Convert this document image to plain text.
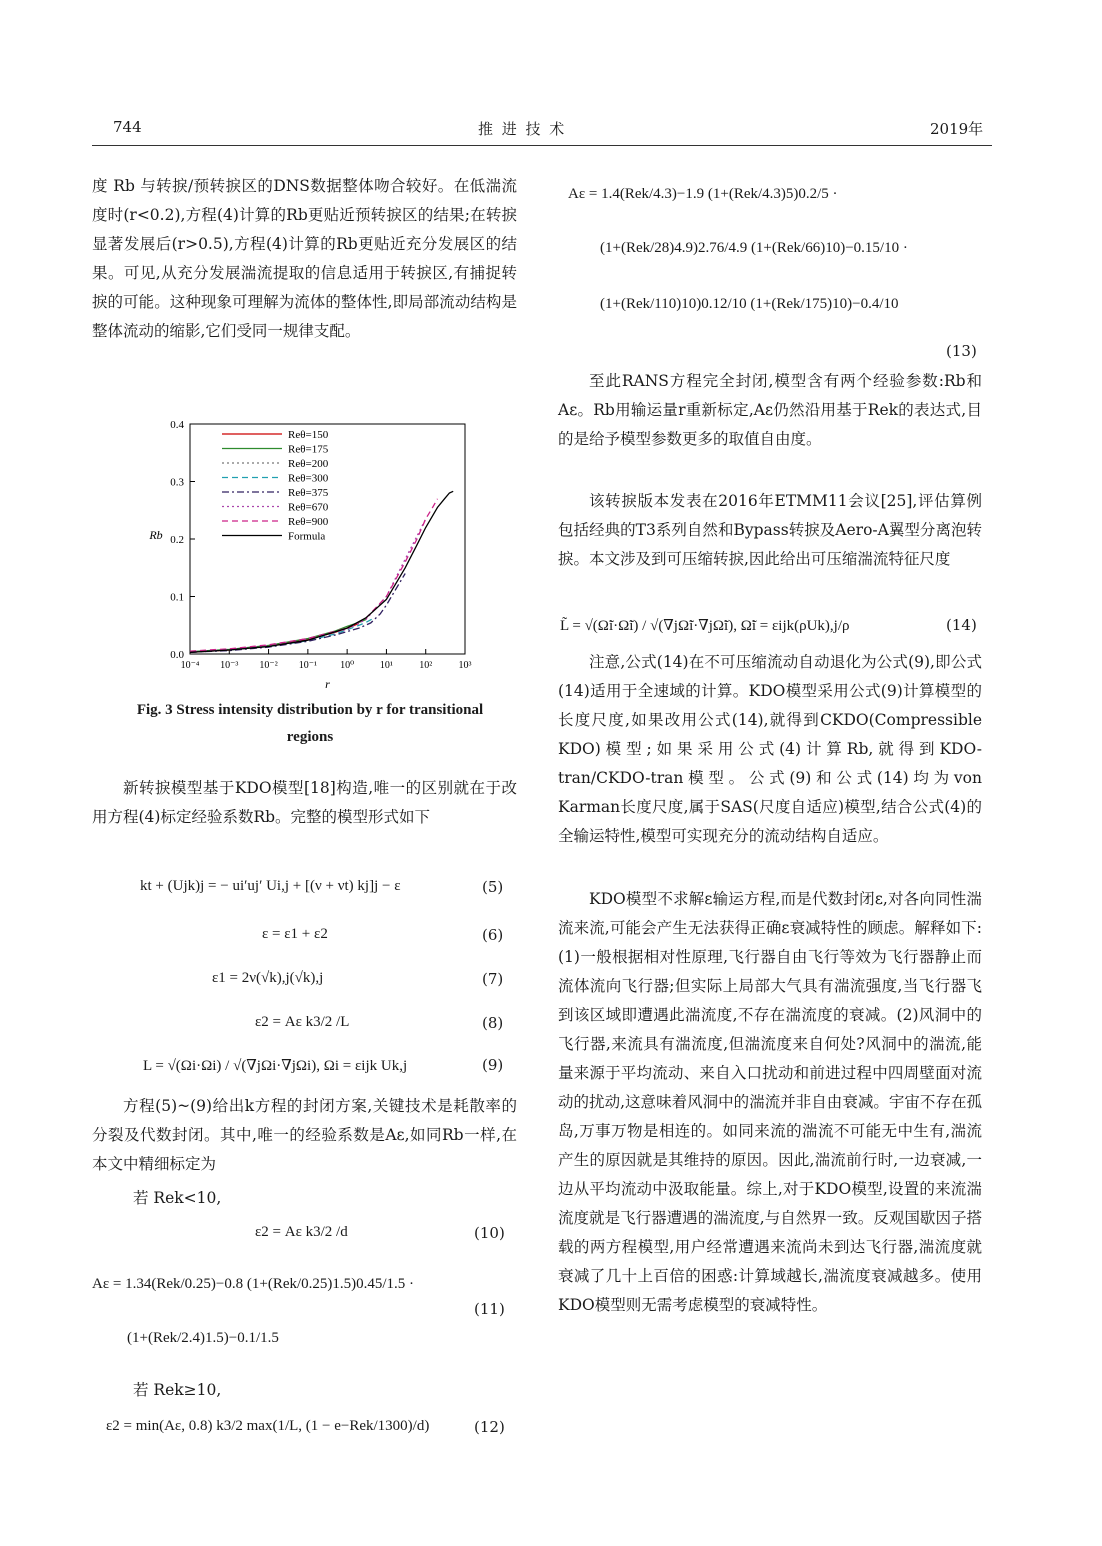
744	推 进 技 术	2019年

度 Rb 与转捩/预转捩区的DNS数据整体吻合较好。在低湍流度时(r<0.2),方程(4)计算的Rb更贴近预转捩区的结果;在转捩显著发展后(r>0.5),方程(4)计算的Rb更贴近充分发展区的结果。可见,从充分发展湍流提取的信息适用于转捩区,有捕捉转捩的可能。这种现象可理解为流体的整体性,即局部流动结构是整体流动的缩影,它们受同一规律支配。

0.0
0.1
0.2
0.3
0.4
10⁻⁴ 10⁻³ 10⁻² 10⁻¹ 10⁰	10¹	10²	10³
r
Rb
Reθ=150
Reθ=175
Reθ=200
Reθ=300
Reθ=375
Reθ=670
Reθ=900
Formula
Fig. 3 Stress intensity distribution by r for transitional
regions

新转捩模型基于KDO模型[18]构造,唯一的区别就在于改用方程(4)标定经验系数Rb。完整的模型形式如下

kt + (Ujk)j = − ui′uj′ Ui,j + [(ν + νt) kj]j − ε	(5)
ε = ε1 + ε2	(6)
ε1 = 2ν(√k),j(√k),j	(7)
ε2 = Aε k3/2 /L	(8)
L = √(Ωi·Ωi) / √(∇jΩi·∇jΩi), Ωi = εijk Uk,j	(9)

方程(5)~(9)给出k方程的封闭方案,关键技术是耗散率的分裂及代数封闭。其中,唯一的经验系数是Aε,如同Rb一样,在本文中精细标定为

若 Rek<10,
ε2 = Aε k3/2 /d	(10)
Aε = 1.34(Rek/0.25)−0.8 (1+(Rek/0.25)1.5)0.45/1.5 ·
(11)
(1+(Rek/2.4)1.5)−0.1/1.5
若 Rek≥10,
ε2 = min(Aε, 0.8) k3/2 max(1/L, (1 − e−Rek/1300)/d)	(12)
Aε = 1.4(Rek/4.3)−1.9 (1+(Rek/4.3)5)0.2/5 ·
(1+(Rek/28)4.9)2.76/4.9 (1+(Rek/66)10)−0.15/10 ·
(1+(Rek/110)10)0.12/10 (1+(Rek/175)10)−0.4/10
(13)

至此RANS方程完全封闭,模型含有两个经验参数:Rb和Aε。Rb用输运量r重新标定,Aε仍然沿用基于Rek的表达式,目的是给予模型参数更多的取值自由度。

该转捩版本发表在2016年ETMM11会议[25],评估算例包括经典的T3系列自然和Bypass转捩及Aero-A翼型分离泡转捩。本文涉及到可压缩转捩,因此给出可压缩湍流特征尺度

L̃ = √(Ω̃i·Ω̃i) / √(∇jΩ̃i·∇jΩ̃i), Ω̃i = εijk(ρUk),j/ρ	(14)

注意,公式(14)在不可压缩流动自动退化为公式(9),即公式(14)适用于全速域的计算。KDO模型采用公式(9)计算模型的长度尺度,如果改用公式(14),就得到CKDO(Compressible KDO)模型;如果采用公式(4)计算Rb,就得到KDO-tran/CKDO-tran模型。公式(9)和公式(14)均为von Karman长度尺度,属于SAS(尺度自适应)模型,结合公式(4)的全输运特性,模型可实现充分的流动结构自适应。

KDO模型不求解ε输运方程,而是代数封闭ε,对各向同性湍流来流,可能会产生无法获得正确ε衰减特性的顾虑。解释如下:(1)一般根据相对性原理,飞行器自由飞行等效为飞行器静止而流体流向飞行器;但实际上局部大气具有湍流强度,当飞行器飞到该区域即遭遇此湍流度,不存在湍流度的衰减。(2)风洞中的飞行器,来流具有湍流度,但湍流度来自何处?风洞中的湍流,能量来源于平均流动、来自入口扰动和前进过程中四周壁面对流动的扰动,这意味着风洞中的湍流并非自由衰减。宇宙不存在孤岛,万事万物是相连的。如同来流的湍流不可能无中生有,湍流产生的原因就是其维持的原因。因此,湍流前行时,一边衰减,一边从平均流动中汲取能量。综上,对于KDO模型,设置的来流湍流度就是飞行器遭遇的湍流度,与自然界一致。反观国歇因子搭载的两方程模型,用户经常遭遇来流尚未到达飞行器,湍流度就衰减了几十上百倍的困惑:计算域越长,湍流度衰减越多。使用KDO模型则无需考虑模型的衰减特性。
